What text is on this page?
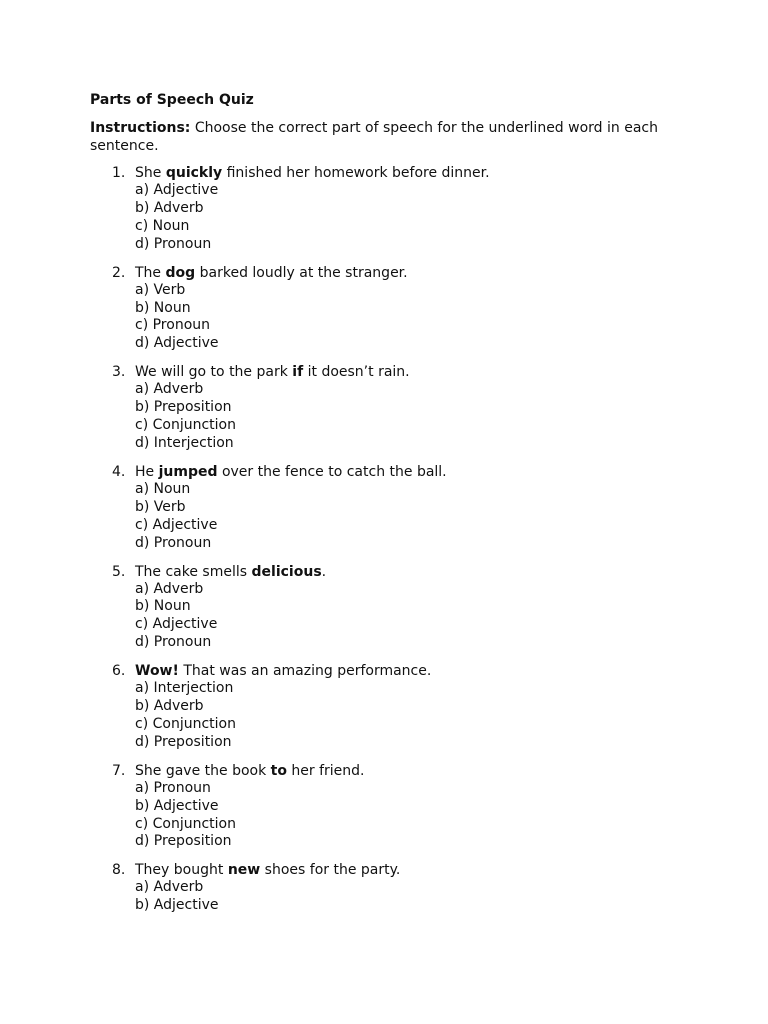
Parts of Speech Quiz
Instructions: Choose the correct part of speech for the underlined word in each sentence.
1. She quickly finished her homework before dinner.
a) Adjective
b) Adverb
c) Noun
d) Pronoun
2. The dog barked loudly at the stranger.
a) Verb
b) Noun
c) Pronoun
d) Adjective
3. We will go to the park if it doesn’t rain.
a) Adverb
b) Preposition
c) Conjunction
d) Interjection
4. He jumped over the fence to catch the ball.
a) Noun
b) Verb
c) Adjective
d) Pronoun
5. The cake smells delicious.
a) Adverb
b) Noun
c) Adjective
d) Pronoun
6. Wow! That was an amazing performance.
a) Interjection
b) Adverb
c) Conjunction
d) Preposition
7. She gave the book to her friend.
a) Pronoun
b) Adjective
c) Conjunction
d) Preposition
8. They bought new shoes for the party.
a) Adverb
b) Adjective
